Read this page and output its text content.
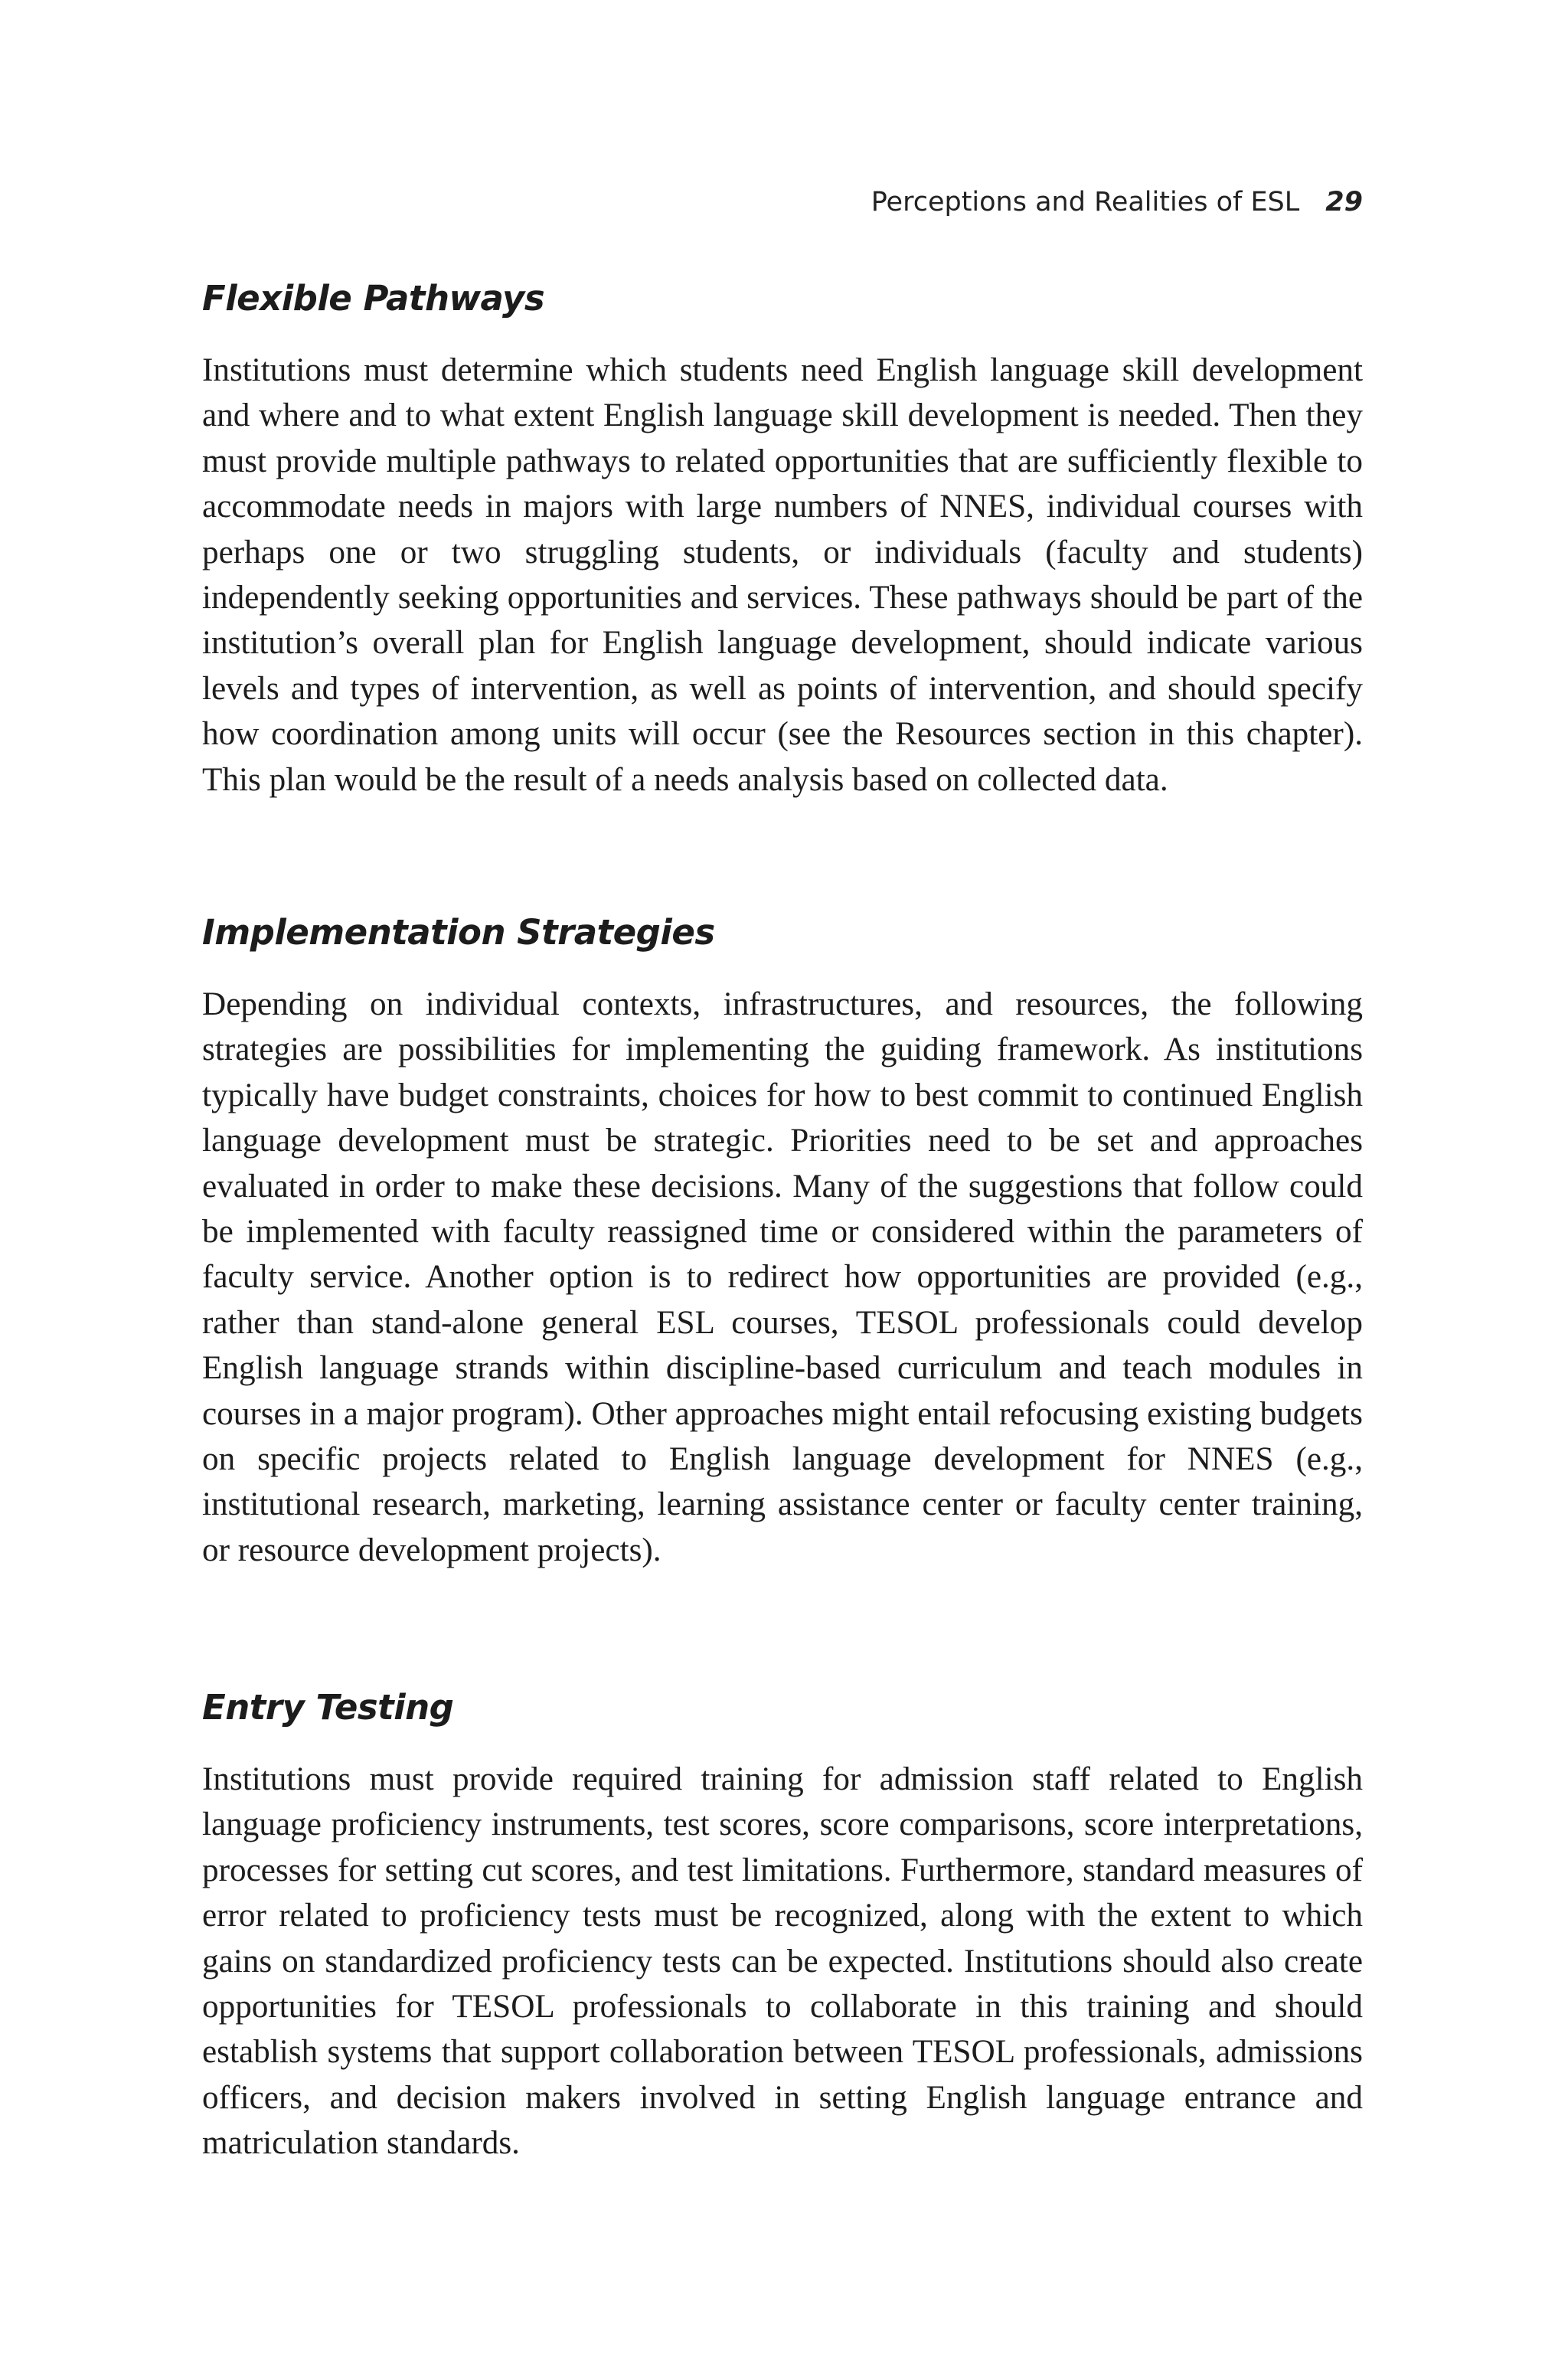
Perceptions and Realities of ESL 29
Flexible Pathways

Institutions must determine which students need English language skill development and where and to what extent English language skill development is needed. Then they must provide multiple pathways to related opportunities that are sufficiently flexible to accommodate needs in majors with large numbers of NNES, individual courses with perhaps one or two struggling students, or individuals (faculty and students) independently seeking opportunities and services. These pathways should be part of the institution’s overall plan for English language development, should indicate various levels and types of intervention, as well as points of intervention, and should specify how coordination among units will occur (see the Resources section in this chapter). This plan would be the result of a needs analysis based on collected data.

Implementation Strategies

Depending on individual contexts, infrastructures, and resources, the following strategies are possibilities for implementing the guiding framework. As institutions typically have budget constraints, choices for how to best commit to continued English language development must be strategic. Priorities need to be set and approaches evaluated in order to make these decisions. Many of the suggestions that follow could be implemented with faculty reassigned time or considered within the parameters of faculty service. Another option is to redirect how opportunities are provided (e.g., rather than stand-alone general ESL courses, TESOL professionals could develop English language strands within discipline-based curriculum and teach modules in courses in a major program). Other approaches might entail refocusing existing budgets on specific projects related to English language development for NNES (e.g., institutional research, marketing, learning assistance center or faculty center training, or resource development projects).

Entry Testing

Institutions must provide required training for admission staff related to English language proficiency instruments, test scores, score comparisons, score interpretations, processes for setting cut scores, and test limitations. Furthermore, standard measures of error related to proficiency tests must be recognized, along with the extent to which gains on standardized proficiency tests can be expected. Institutions should also create opportunities for TESOL professionals to collaborate in this training and should establish systems that support collaboration between TESOL professionals, admissions officers, and decision makers involved in setting English language entrance and matriculation standards.
